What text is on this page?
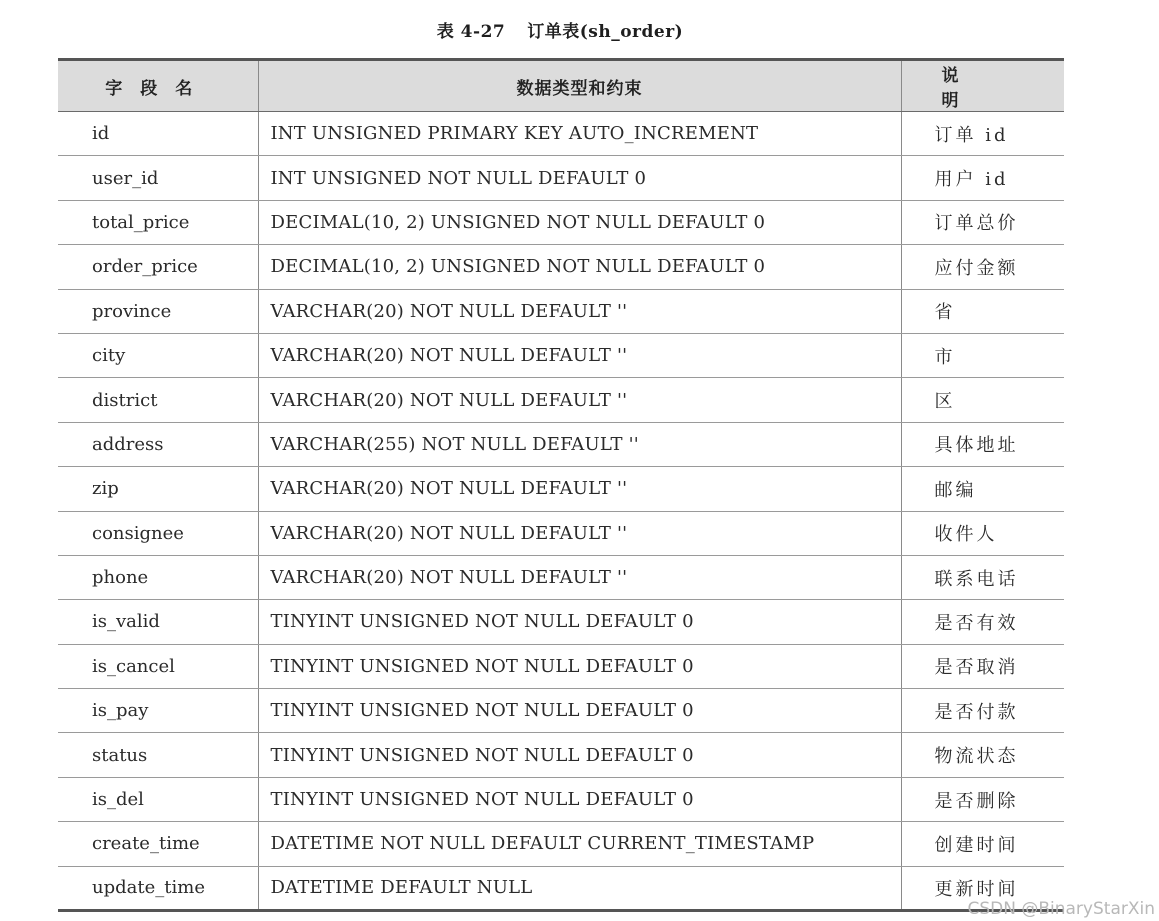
表 4-27 订单表(sh_order)
字段名	数据类型和约束	说明
id	INT UNSIGNED PRIMARY KEY AUTO_INCREMENT	订单 id
user_id	INT UNSIGNED NOT NULL DEFAULT 0	用户 id
total_price	DECIMAL(10, 2) UNSIGNED NOT NULL DEFAULT 0	订单总价
order_price	DECIMAL(10, 2) UNSIGNED NOT NULL DEFAULT 0	应付金额
province	VARCHAR(20) NOT NULL DEFAULT ''	省
city	VARCHAR(20) NOT NULL DEFAULT ''	市
district	VARCHAR(20) NOT NULL DEFAULT ''	区
address	VARCHAR(255) NOT NULL DEFAULT ''	具体地址
zip	VARCHAR(20) NOT NULL DEFAULT ''	邮编
consignee	VARCHAR(20) NOT NULL DEFAULT ''	收件人
phone	VARCHAR(20) NOT NULL DEFAULT ''	联系电话
is_valid	TINYINT UNSIGNED NOT NULL DEFAULT 0	是否有效
is_cancel	TINYINT UNSIGNED NOT NULL DEFAULT 0	是否取消
is_pay	TINYINT UNSIGNED NOT NULL DEFAULT 0	是否付款
status	TINYINT UNSIGNED NOT NULL DEFAULT 0	物流状态
is_del	TINYINT UNSIGNED NOT NULL DEFAULT 0	是否删除
create_time	DATETIME NOT NULL DEFAULT CURRENT_TIMESTAMP	创建时间
update_time	DATETIME DEFAULT NULL	更新时间
CSDN @BinaryStarXin
